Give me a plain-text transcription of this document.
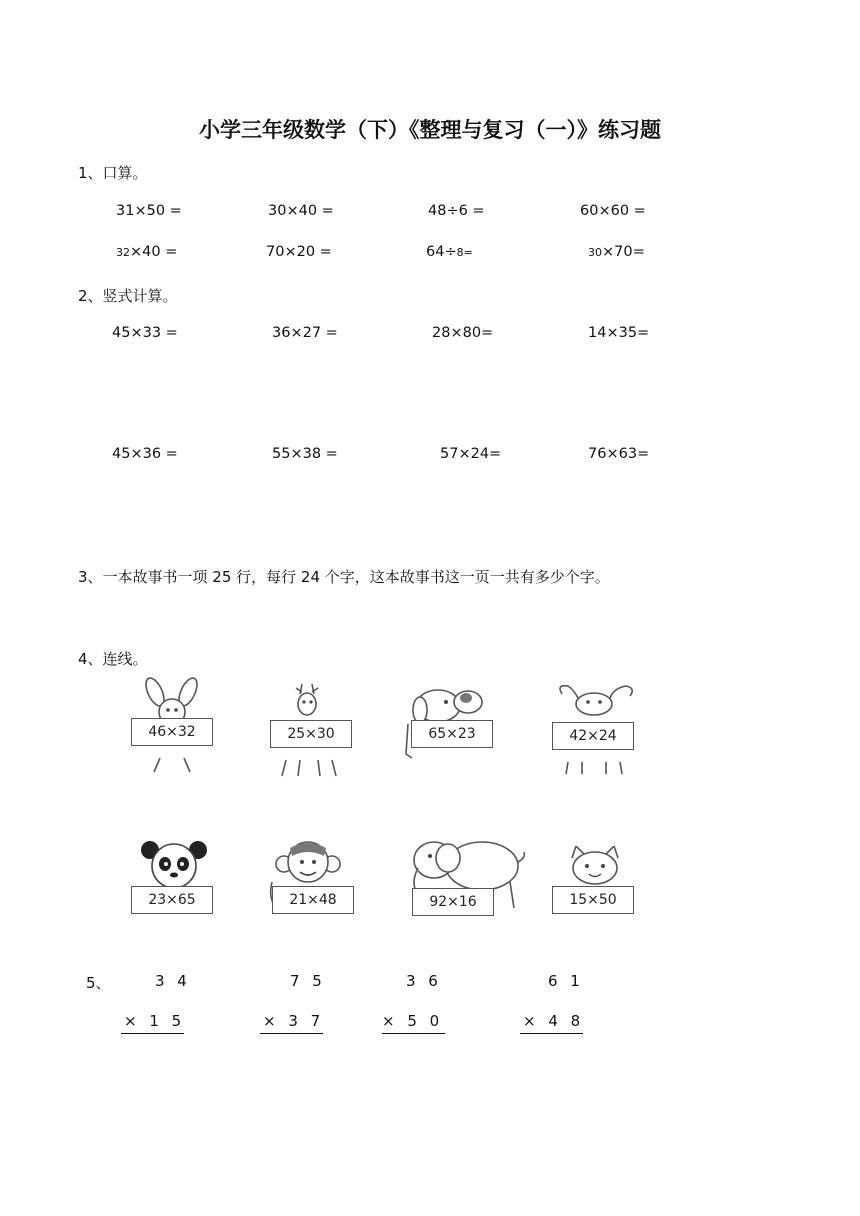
小学三年级数学（下）《整理与复习（一）》练习题
1、口算。
31×50 =	30×40 =	48÷6 =	60×60 =
32×40 =	70×20 =	64÷8=	30×70=
2、竖式计算。
45×33 =	36×27 =	28×80=	14×35=
45×36 =	55×38 =	57×24=	76×63=
3、一本故事书一项 25 行，每行 24 个字，这本故事书这一页一共有多少个字。
4、连线。
46×32	25×30	65×23	42×24
23×65	21×48	92×16	15×50
5、	3 4
× 1 5
7 5
× 3 7
3 6
× 5 0
6 1
× 4 8
